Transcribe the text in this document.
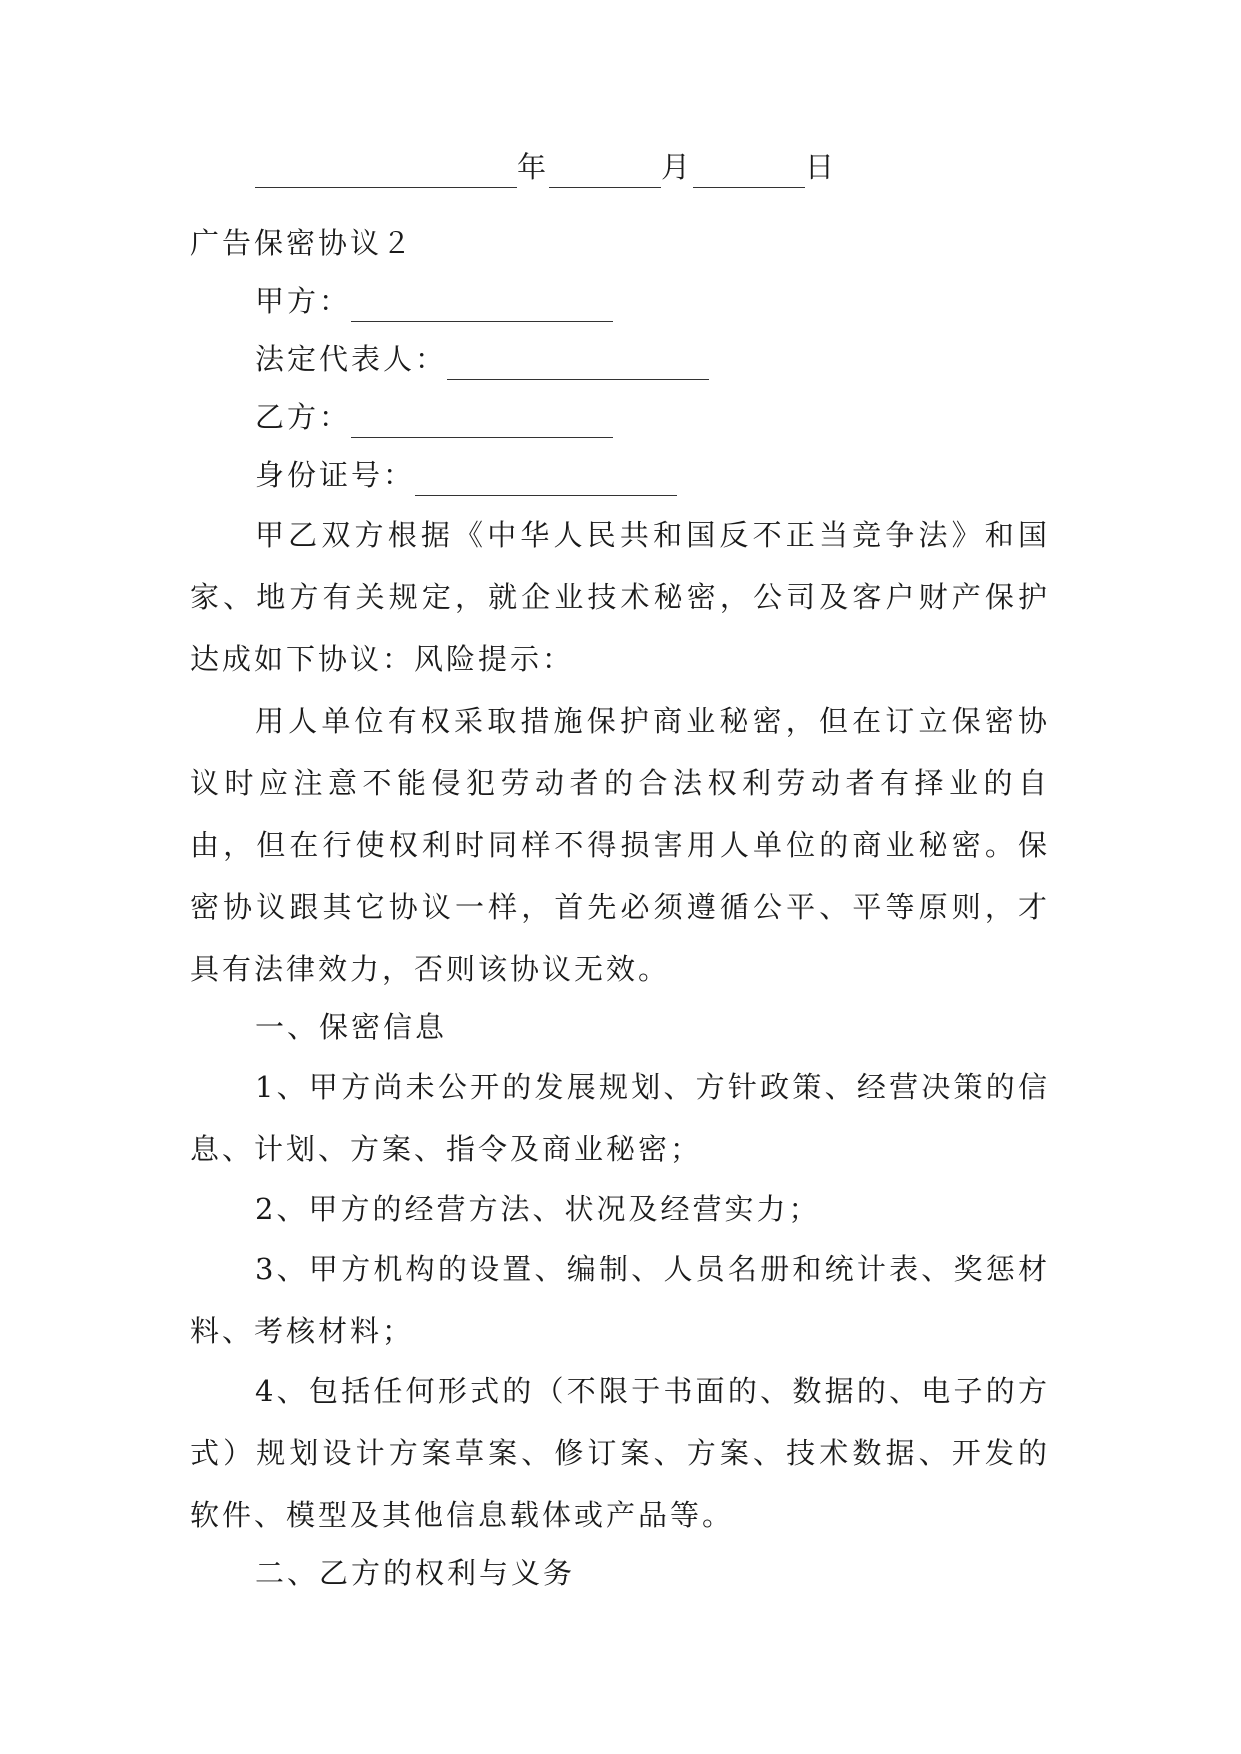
年	月	日
广告保密协议２
甲方：
法定代表人：
乙方：
身份证号：
甲乙双方根据《中华人民共和国反不正当竞争法》和国家、地方有关规定，就企业技术秘密，公司及客户财产保护达成如下协议：风险提示：
用人单位有权采取措施保护商业秘密，但在订立保密协议时应注意不能侵犯劳动者的合法权利劳动者有择业的自由，但在行使权利时同样不得损害用人单位的商业秘密。保密协议跟其它协议一样，首先必须遵循公平、平等原则，才具有法律效力，否则该协议无效。
一、保密信息
1、甲方尚未公开的发展规划、方针政策、经营决策的信息、计划、方案、指令及商业秘密；
2、甲方的经营方法、状况及经营实力；
3、甲方机构的设置、编制、人员名册和统计表、奖惩材料、考核材料；
4、包括任何形式的（不限于书面的、数据的、电子的方式）规划设计方案草案、修订案、方案、技术数据、开发的软件、模型及其他信息载体或产品等。
二、乙方的权利与义务
